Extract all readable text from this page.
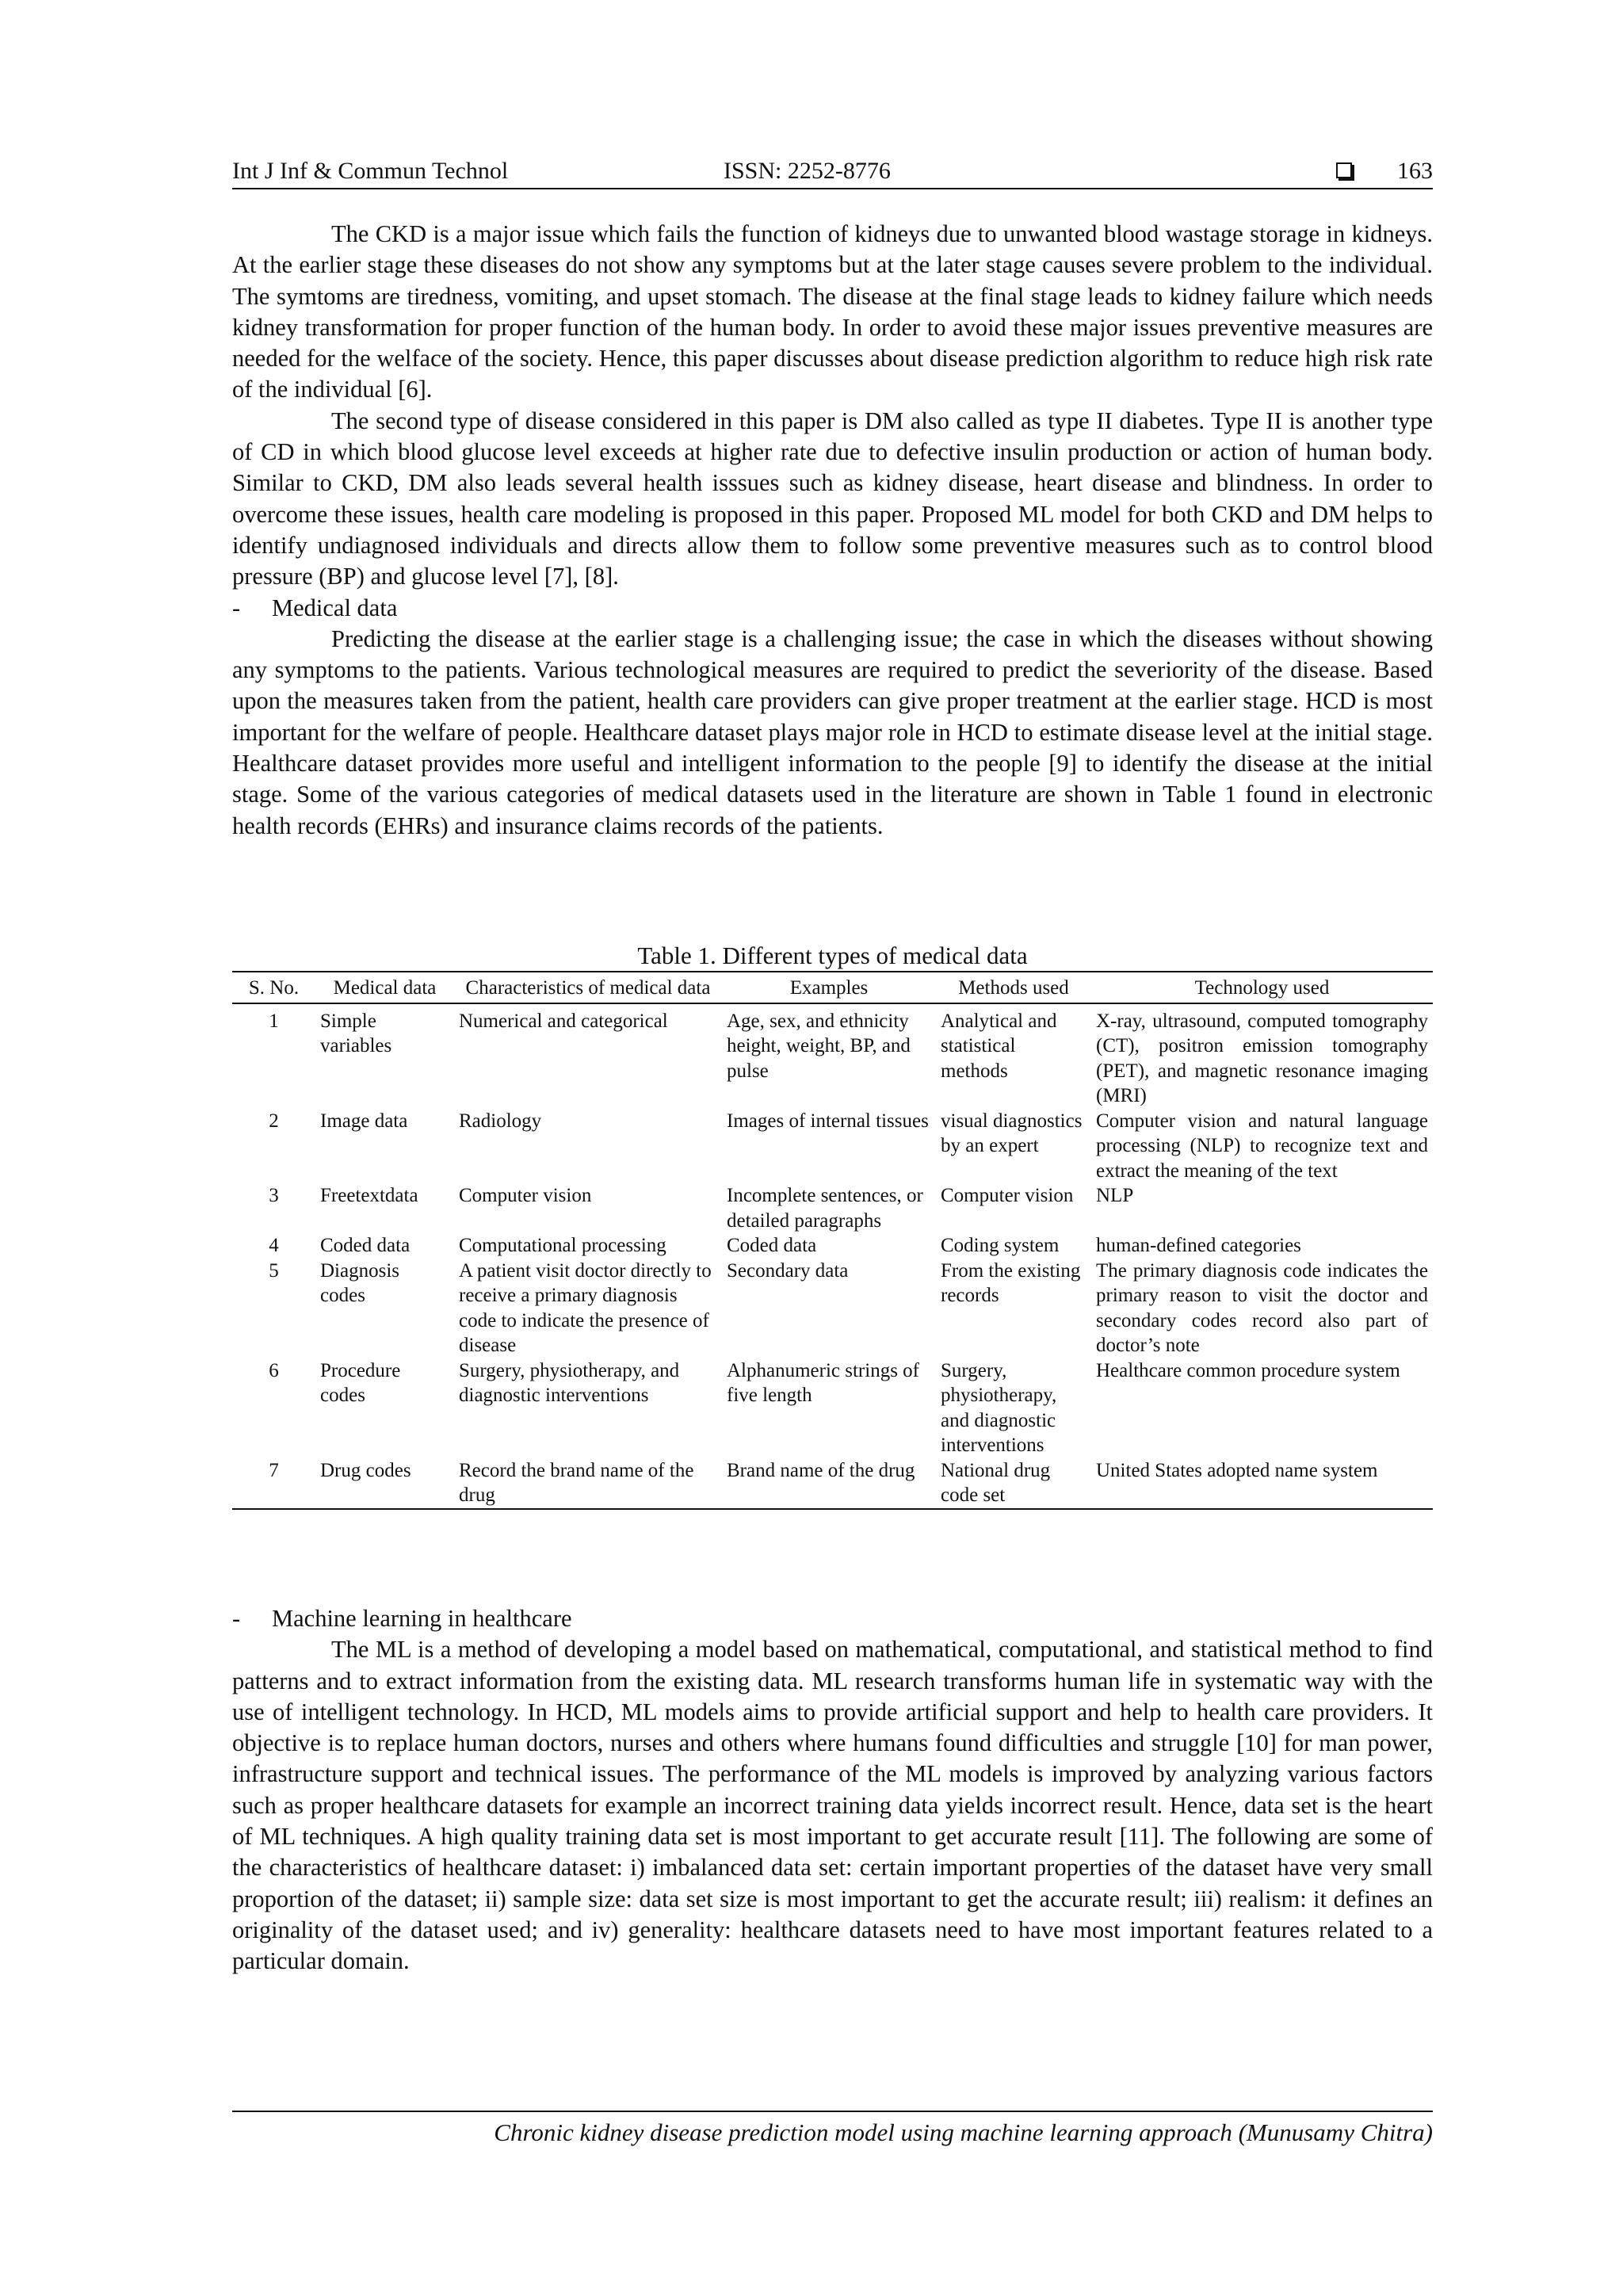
Int J Inf & Commun Technol	ISSN: 2252-8776	163

The CKD is a major issue which fails the function of kidneys due to unwanted blood wastage storage in kidneys. At the earlier stage these diseases do not show any symptoms but at the later stage causes severe problem to the individual. The symtoms are tiredness, vomiting, and upset stomach. The disease at the final stage leads to kidney failure which needs kidney transformation for proper function of the human body. In order to avoid these major issues preventive measures are needed for the welface of the society. Hence, this paper discusses about disease prediction algorithm to reduce high risk rate of the individual [6].

The second type of disease considered in this paper is DM also called as type II diabetes. Type II is another type of CD in which blood glucose level exceeds at higher rate due to defective insulin production or action of human body. Similar to CKD, DM also leads several health isssues such as kidney disease, heart disease and blindness. In order to overcome these issues, health care modeling is proposed in this paper. Proposed ML model for both CKD and DM helps to identify undiagnosed individuals and directs allow them to follow some preventive measures such as to control blood pressure (BP) and glucose level [7], [8].

- Medical data

Predicting the disease at the earlier stage is a challenging issue; the case in which the diseases without showing any symptoms to the patients. Various technological measures are required to predict the severiority of the disease. Based upon the measures taken from the patient, health care providers can give proper treatment at the earlier stage. HCD is most important for the welfare of people. Healthcare dataset plays major role in HCD to estimate disease level at the initial stage. Healthcare dataset provides more useful and intelligent information to the people [9] to identify the disease at the initial stage. Some of the various categories of medical datasets used in the literature are shown in Table 1 found in electronic health records (EHRs) and insurance claims records of the patients.

Table 1. Different types of medical data
S. No.	Medical data	Characteristics of medical data	Examples	Methods used	Technology used
1	Simple variables	Numerical and categorical	Age, sex, and ethnicity height, weight, BP, and pulse	Analytical and statistical methods	X-ray, ultrasound, computed tomography (CT), positron emission tomography (PET), and magnetic resonance imaging (MRI)
2	Image data	Radiology	Images of internal tissues	visual diagnostics by an expert	Computer vision and natural language processing (NLP) to recognize text and extract the meaning of the text
3	Freetextdata	Computer vision	Incomplete sentences, or detailed paragraphs	Computer vision	NLP
4	Coded data	Computational processing	Coded data	Coding system	human-defined categories
5	Diagnosis codes	A patient visit doctor directly to receive a primary diagnosis code to indicate the presence of disease	Secondary data	From the existing records	The primary diagnosis code indicates the primary reason to visit the doctor and secondary codes record also part of doctor’s note
6	Procedure codes	Surgery, physiotherapy, and diagnostic interventions	Alphanumeric strings of five length	Surgery, physiotherapy, and diagnostic interventions	Healthcare common procedure system
7	Drug codes	Record the brand name of the drug	Brand name of the drug	National drug code set	United States adopted name system

- Machine learning in healthcare

The ML is a method of developing a model based on mathematical, computational, and statistical method to find patterns and to extract information from the existing data. ML research transforms human life in systematic way with the use of intelligent technology. In HCD, ML models aims to provide artificial support and help to health care providers. It objective is to replace human doctors, nurses and others where humans found difficulties and struggle [10] for man power, infrastructure support and technical issues. The performance of the ML models is improved by analyzing various factors such as proper healthcare datasets for example an incorrect training data yields incorrect result. Hence, data set is the heart of ML techniques. A high quality training data set is most important to get accurate result [11]. The following are some of the characteristics of healthcare dataset: i) imbalanced data set: certain important properties of the dataset have very small proportion of the dataset; ii) sample size: data set size is most important to get the accurate result; iii) realism: it defines an originality of the dataset used; and iv) generality: healthcare datasets need to have most important features related to a particular domain.

Chronic kidney disease prediction model using machine learning approach (Munusamy Chitra)
